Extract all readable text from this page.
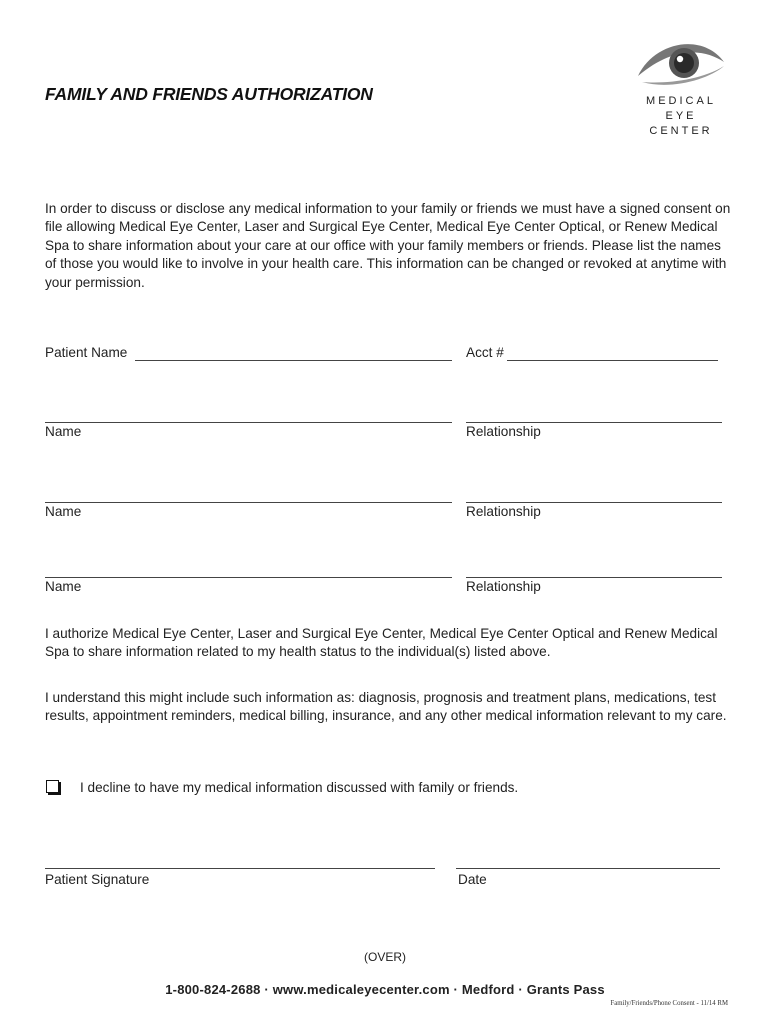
FAMILY AND FRIENDS AUTHORIZATION	MEDICAL
EYE
CENTER
In order to discuss or disclose any medical information to your family or friends we must have a signed consent on file allowing Medical Eye Center, Laser and Surgical Eye Center, Medical Eye Center Optical, or Renew Medical Spa to share information about your care at our office with your family members or friends. Please list the names of those you would like to involve in your health care. This information can be changed or revoked at anytime with your permission.
Patient Name	Acct #
Name	Relationship
Name	Relationship
Name	Relationship
I authorize Medical Eye Center, Laser and Surgical Eye Center, Medical Eye Center Optical and Renew Medical Spa to share information related to my health status to the individual(s) listed above.
I understand this might include such information as: diagnosis, prognosis and treatment plans, medications, test results, appointment reminders, medical billing, insurance, and any other medical information relevant to my care.
I decline to have my medical information discussed with family or friends.
Patient Signature	Date
(OVER)
1-800-824-2688 · www.medicaleyecenter.com · Medford · Grants Pass
Family/Friends/Phone Consent - 11/14 RM
